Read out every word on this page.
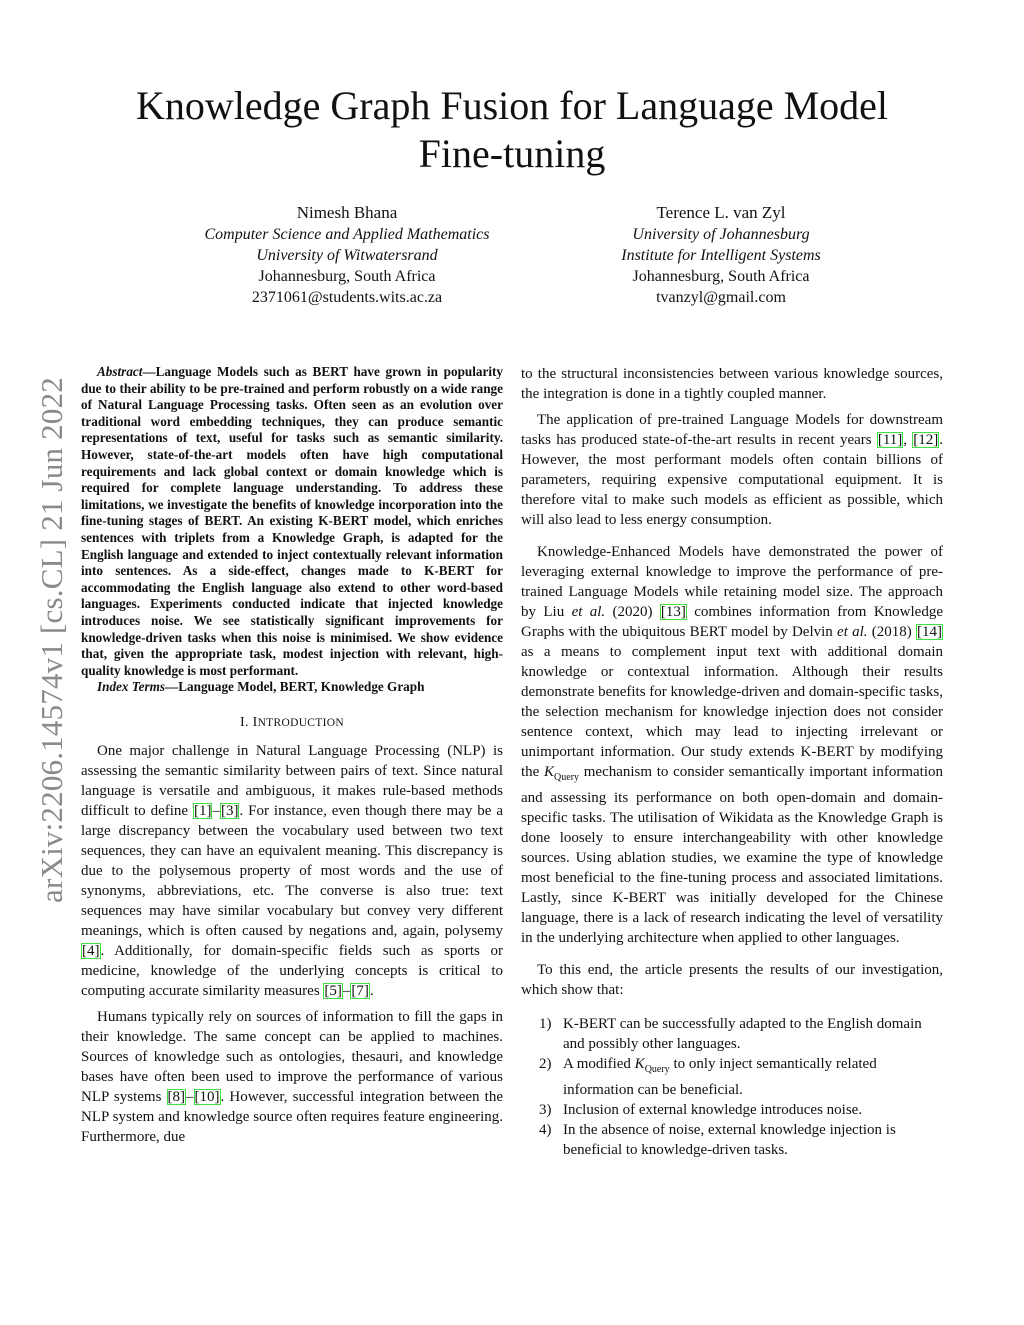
Knowledge Graph Fusion for Language Model
Fine-tuning
Nimesh Bhana
Computer Science and Applied Mathematics
University of Witwatersrand
Johannesburg, South Africa
2371061@students.wits.ac.za
Terence L. van Zyl
University of Johannesburg
Institute for Intelligent Systems
Johannesburg, South Africa
tvanzyl@gmail.com
arXiv:2206.14574v1 [cs.CL] 21 Jun 2022

Abstract—Language Models such as BERT have grown in popularity due to their ability to be pre-trained and perform robustly on a wide range of Natural Language Processing tasks. Often seen as an evolution over traditional word embedding techniques, they can produce semantic representations of text, useful for tasks such as semantic similarity. However, state-of-the-art models often have high computational requirements and lack global context or domain knowledge which is required for complete language understanding. To address these limitations, we investigate the benefits of knowledge incorporation into the fine-tuning stages of BERT. An existing K-BERT model, which enriches sentences with triplets from a Knowledge Graph, is adapted for the English language and extended to inject contextually relevant information into sentences. As a side-effect, changes made to K-BERT for accommodating the English language also extend to other word-based languages. Experiments conducted indicate that injected knowledge introduces noise. We see statistically significant improvements for knowledge-driven tasks when this noise is minimised. We show evidence that, given the appropriate task, modest injection with relevant, high-quality knowledge is most performant.

Index Terms—Language Model, BERT, Knowledge Graph

I. INTRODUCTION

One major challenge in Natural Language Processing (NLP) is assessing the semantic similarity between pairs of text. Since natural language is versatile and ambiguous, it makes rule-based methods difficult to define [1]–[3]. For instance, even though there may be a large discrepancy between the vocabulary used between two text sequences, they can have an equivalent meaning. This discrepancy is due to the polysemous property of most words and the use of synonyms, abbreviations, etc. The converse is also true: text sequences may have similar vocabulary but convey very different meanings, which is often caused by negations and, again, polysemy [4]. Additionally, for domain-specific fields such as sports or medicine, knowledge of the underlying concepts is critical to computing accurate similarity measures [5]–[7].

Humans typically rely on sources of information to fill the gaps in their knowledge. The same concept can be applied to machines. Sources of knowledge such as ontologies, thesauri, and knowledge bases have often been used to improve the performance of various NLP systems [8]–[10]. However, successful integration between the NLP system and knowledge source often requires feature engineering. Furthermore, due

to the structural inconsistencies between various knowledge sources, the integration is done in a tightly coupled manner.

The application of pre-trained Language Models for downstream tasks has produced state-of-the-art results in recent years [11], [12]. However, the most performant models often contain billions of parameters, requiring expensive computational equipment. It is therefore vital to make such models as efficient as possible, which will also lead to less energy consumption.

Knowledge-Enhanced Models have demonstrated the power of leveraging external knowledge to improve the performance of pre-trained Language Models while retaining model size. The approach by Liu et al. (2020) [13] combines information from Knowledge Graphs with the ubiquitous BERT model by Delvin et al. (2018) [14] as a means to complement input text with additional domain knowledge or contextual information. Although their results demonstrate benefits for knowledge-driven and domain-specific tasks, the selection mechanism for knowledge injection does not consider sentence context, which may lead to injecting irrelevant or unimportant information. Our study extends K-BERT by modifying the $K_{Query}$ mechanism to consider semantically important information and assessing its performance on both open-domain and domain-specific tasks. The utilisation of Wikidata as the Knowledge Graph is done loosely to ensure interchangeability with other knowledge sources. Using ablation studies, we examine the type of knowledge most beneficial to the fine-tuning process and associated limitations. Lastly, since K-BERT was initially developed for the Chinese language, there is a lack of research indicating the level of versatility in the underlying architecture when applied to other languages.

To this end, the article presents the results of our investigation, which show that:

1) K-BERT can be successfully adapted to the English domain and possibly other languages.
2) A modified $K_{Query}$ to only inject semantically related information can be beneficial.
3) Inclusion of external knowledge introduces noise.
4) In the absence of noise, external knowledge injection is beneficial to knowledge-driven tasks.
